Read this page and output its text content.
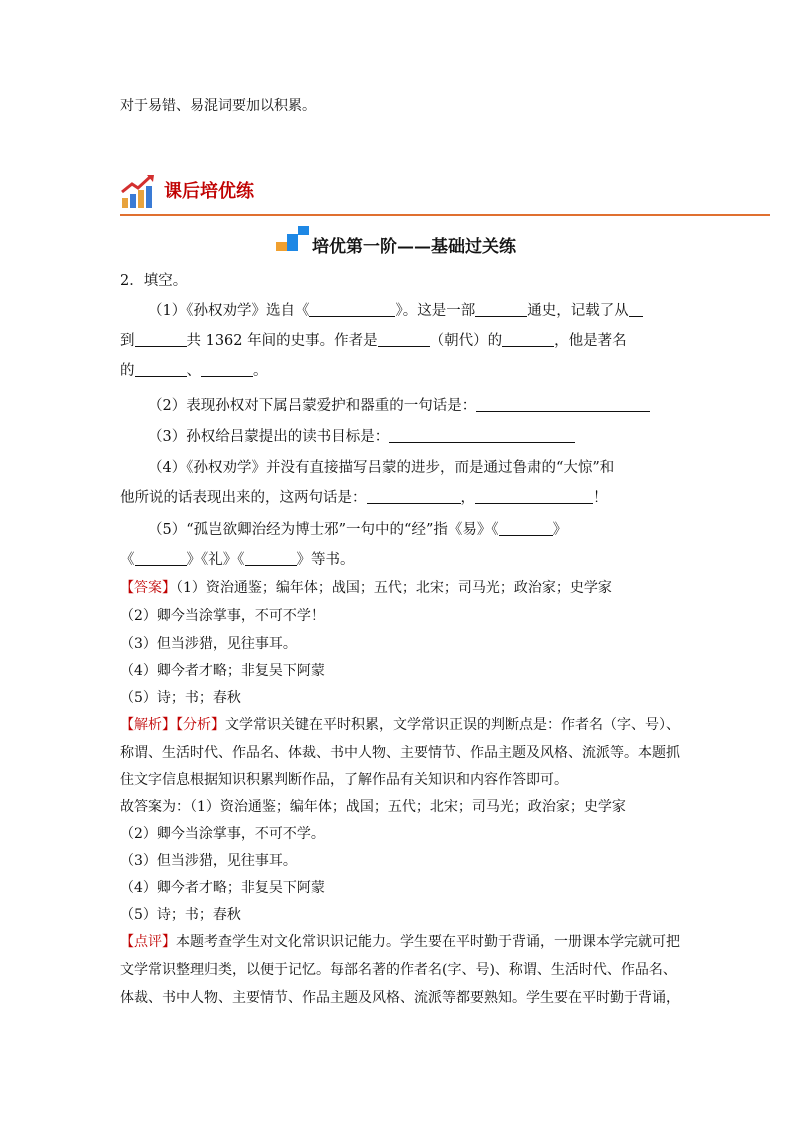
对于易错、易混词要加以积累。
课后培优练
培优第一阶——基础过关练
2．填空。
（1）《孙权劝学》选自《	》。这是一部	通史，记载了从
到	共 1362 年间的史事。作者是	（朝代）的	，他是著名
的	、	。
（2）表现孙权对下属吕蒙爱护和器重的一句话是：
（3）孙权给吕蒙提出的读书目标是：
（4）《孙权劝学》并没有直接描写吕蒙的进步，而是通过鲁肃的“大惊”和
他所说的话表现出来的，这两句话是：	，	！
（5）“孤岂欲卿治经为博士邪”一句中的“经”指《易》《	》
《	》《礼》《	》等书。
【答案】（1）资治通鉴；编年体；战国；五代；北宋；司马光；政治家；史学家
（2）卿今当涂掌事，不可不学！
（3）但当涉猎，见往事耳。
（4）卿今者才略；非复吴下阿蒙
（5）诗；书；春秋
【解析】【分析】文学常识关键在平时积累，文学常识正误的判断点是：作者名（字、号）、
称谓、生活时代、作品名、体裁、书中人物、主要情节、作品主题及风格、流派等。本题抓
住文字信息根据知识积累判断作品，了解作品有关知识和内容作答即可。
故答案为：（1）资治通鉴；编年体；战国；五代；北宋；司马光；政治家；史学家
（2）卿今当涂掌事，不可不学。
（3）但当涉猎，见往事耳。
（4）卿今者才略；非复吴下阿蒙
（5）诗；书；春秋
【点评】本题考查学生对文化常识识记能力。学生要在平时勤于背诵，一册课本学完就可把
文学常识整理归类，以便于记忆。每部名著的作者名(字、号)、称谓、生活时代、作品名、
体裁、书中人物、主要情节、作品主题及风格、流派等都要熟知。学生要在平时勤于背诵，
